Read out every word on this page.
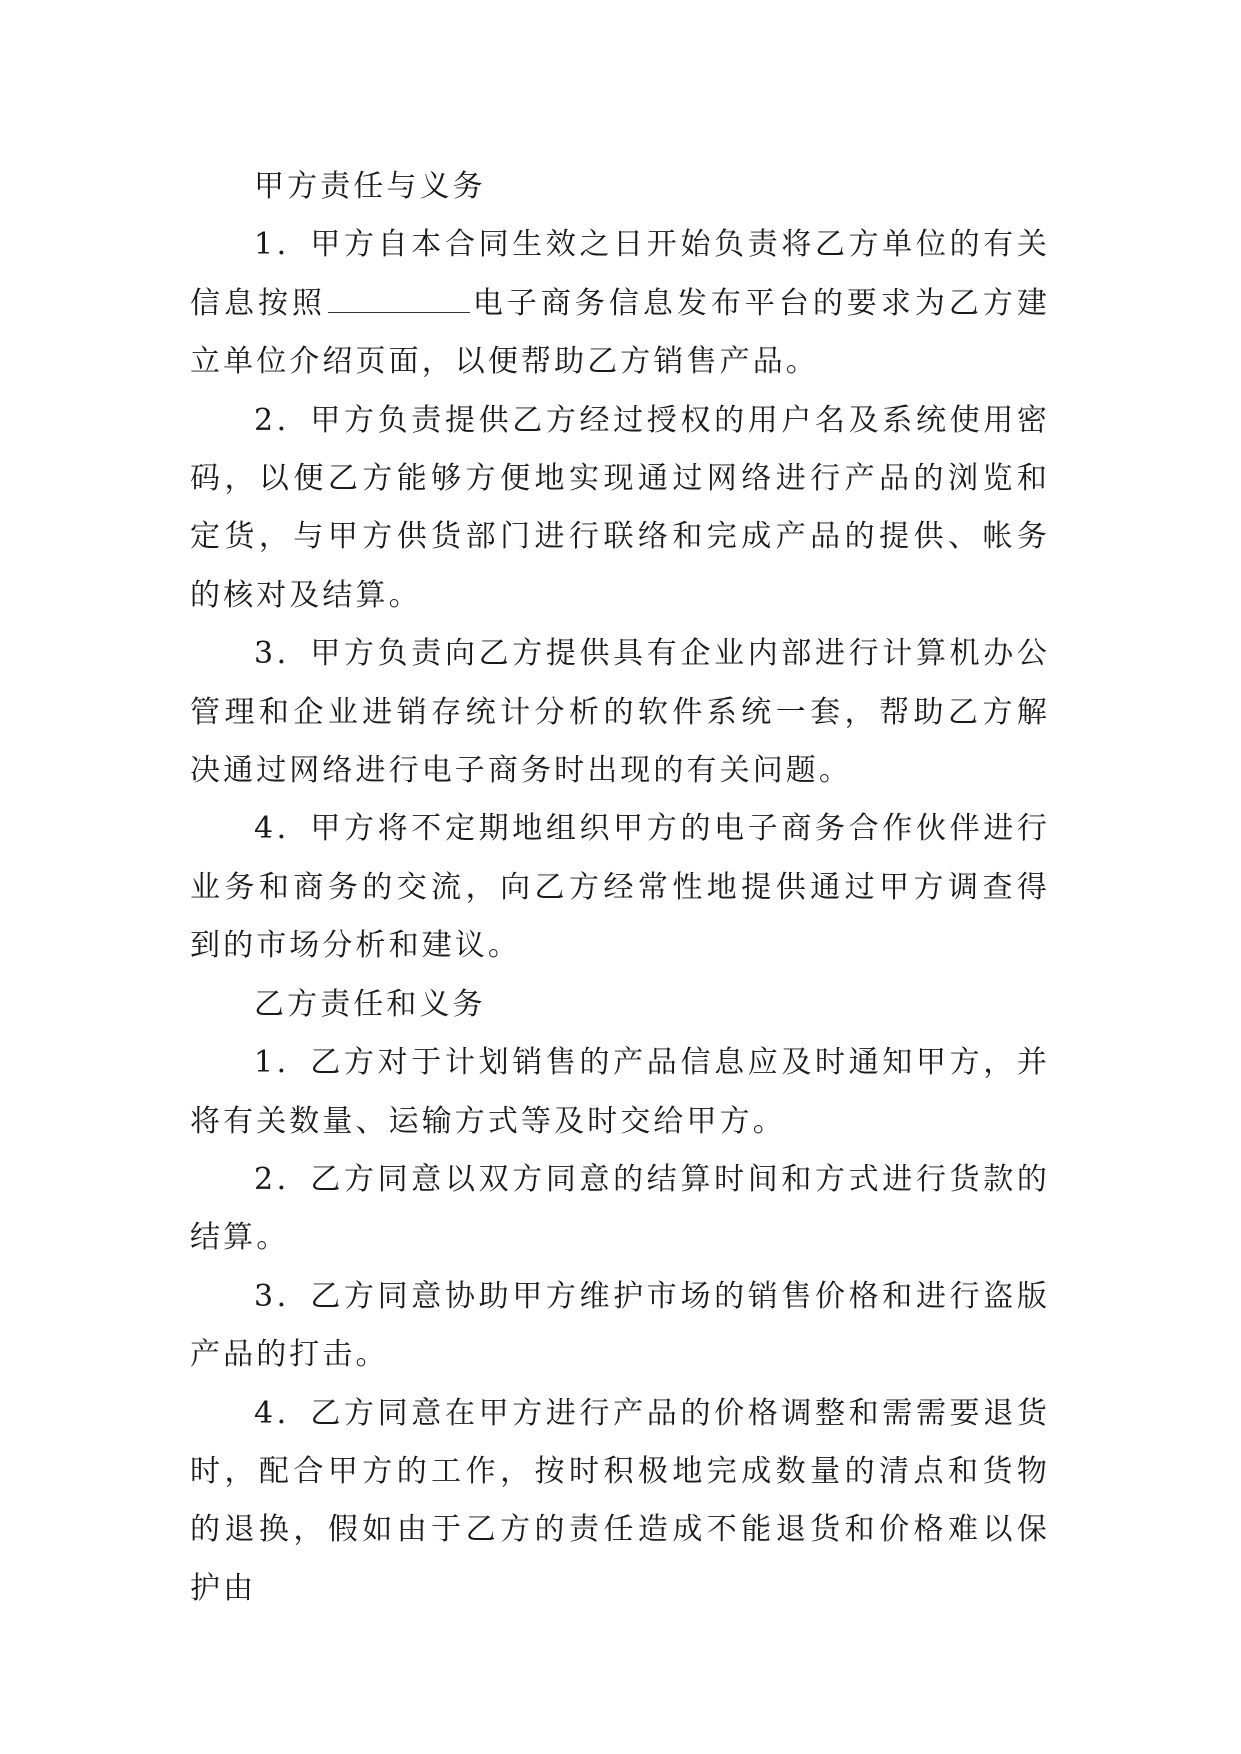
甲方责任与义务

1．甲方自本合同生效之日开始负责将乙方单位的有关信息按照	电子商务信息发布平台的要求为乙方建立单位介绍页面，以便帮助乙方销售产品。

2．甲方负责提供乙方经过授权的用户名及系统使用密码，以便乙方能够方便地实现通过网络进行产品的浏览和定货，与甲方供货部门进行联络和完成产品的提供、帐务的核对及结算。

3．甲方负责向乙方提供具有企业内部进行计算机办公管理和企业进销存统计分析的软件系统一套，帮助乙方解决通过网络进行电子商务时出现的有关问题。

4．甲方将不定期地组织甲方的电子商务合作伙伴进行业务和商务的交流，向乙方经常性地提供通过甲方调查得到的市场分析和建议。

乙方责任和义务

1．乙方对于计划销售的产品信息应及时通知甲方，并将有关数量、运输方式等及时交给甲方。

2．乙方同意以双方同意的结算时间和方式进行货款的结算。

3．乙方同意协助甲方维护市场的销售价格和进行盗版产品的打击。

4．乙方同意在甲方进行产品的价格调整和需需要退货时，配合甲方的工作，按时积极地完成数量的清点和货物的退换，假如由于乙方的责任造成不能退货和价格难以保护由
